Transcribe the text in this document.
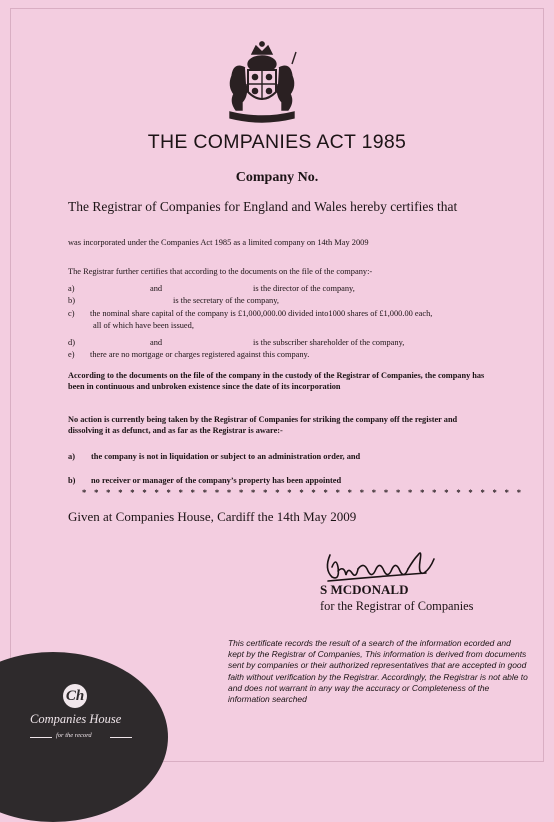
THE COMPANIES ACT 1985
Company No.
The Registrar of Companies for England and Wales hereby certifies that
was incorporated under the Companies Act 1985 as a limited company on 14th May 2009
The Registrar further certifies that according to the documents on the file of the company:-
a)	and	is the director of the company,
b)	is the secretary of the company,
c) the nominal share capital of the company is £1,000,000.00 divided into1000 shares of £1,000.00 each,
all of which have been issued,
d)	and	is the subscriber shareholder of the company,
e) there are no mortgage or charges registered against this company.
According to the documents on the file of the company in the custody of the Registrar of Companies, the company has been in continuous and unbroken existence since the date of its incorporation
No action is currently being taken by the Registrar of Companies for striking the company off the register and dissolving it as defunct, and as far as the Registrar is aware:-
a) the company is not in liquidation or subject to an administration order, and
b) no receiver or manager of the company’s property has been appointed
* * * * * * * * * * * * * * * * * * * * * * * * * * * * * * * * * * * * *
Given at Companies House, Cardiff the 14th May 2009
S MCDONALD
for the Registrar of Companies
This certificate records the result of a search of the information ecorded and kept by the Registrar of Companies, This information is derived from documents sent by companies or their authorized representatives that are accepted in good faith without verification by the Registrar. Accordingly, the Registrar is not able to and does not warrant in any way the accuracy or Completeness of the information searched
Ch
Companies House
for the record
